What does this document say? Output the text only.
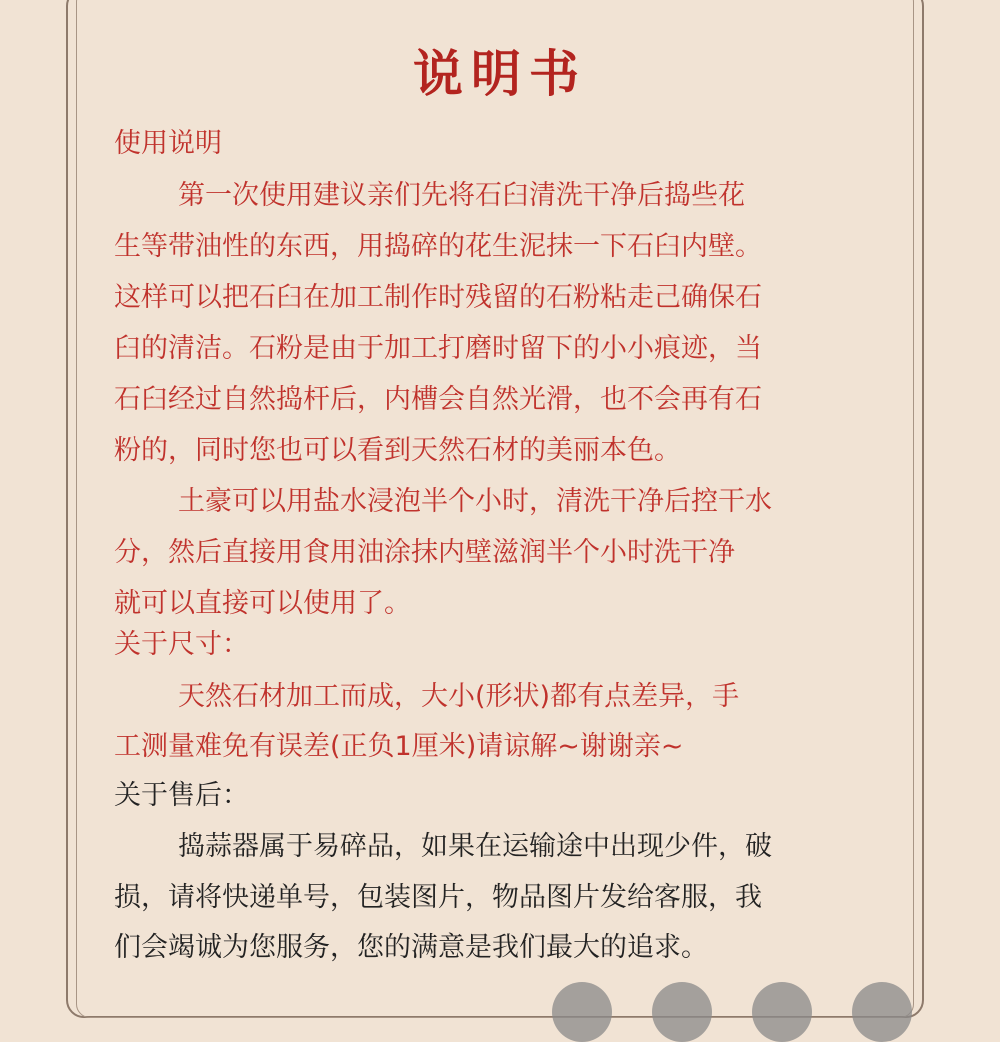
说明书
使用说明
第一次使用建议亲们先将石臼清洗干净后捣些花
生等带油性的东西，用捣碎的花生泥抹一下石臼内壁。
这样可以把石臼在加工制作时残留的石粉粘走己确保石
臼的清洁。石粉是由于加工打磨时留下的小小痕迹，当
石臼经过自然捣杆后，内槽会自然光滑，也不会再有石
粉的，同时您也可以看到天然石材的美丽本色。
土豪可以用盐水浸泡半个小时，清洗干净后控干水
分，然后直接用食用油涂抹内壁滋润半个小时洗干净
就可以直接可以使用了。
关于尺寸：
天然石材加工而成，大小(形状)都有点差异，手
工测量难免有误差(正负1厘米)请谅解~谢谢亲~
关于售后：
捣蒜器属于易碎品，如果在运输途中出现少件，破
损，请将快递单号，包装图片，物品图片发给客服，我
们会竭诚为您服务，您的满意是我们最大的追求。
